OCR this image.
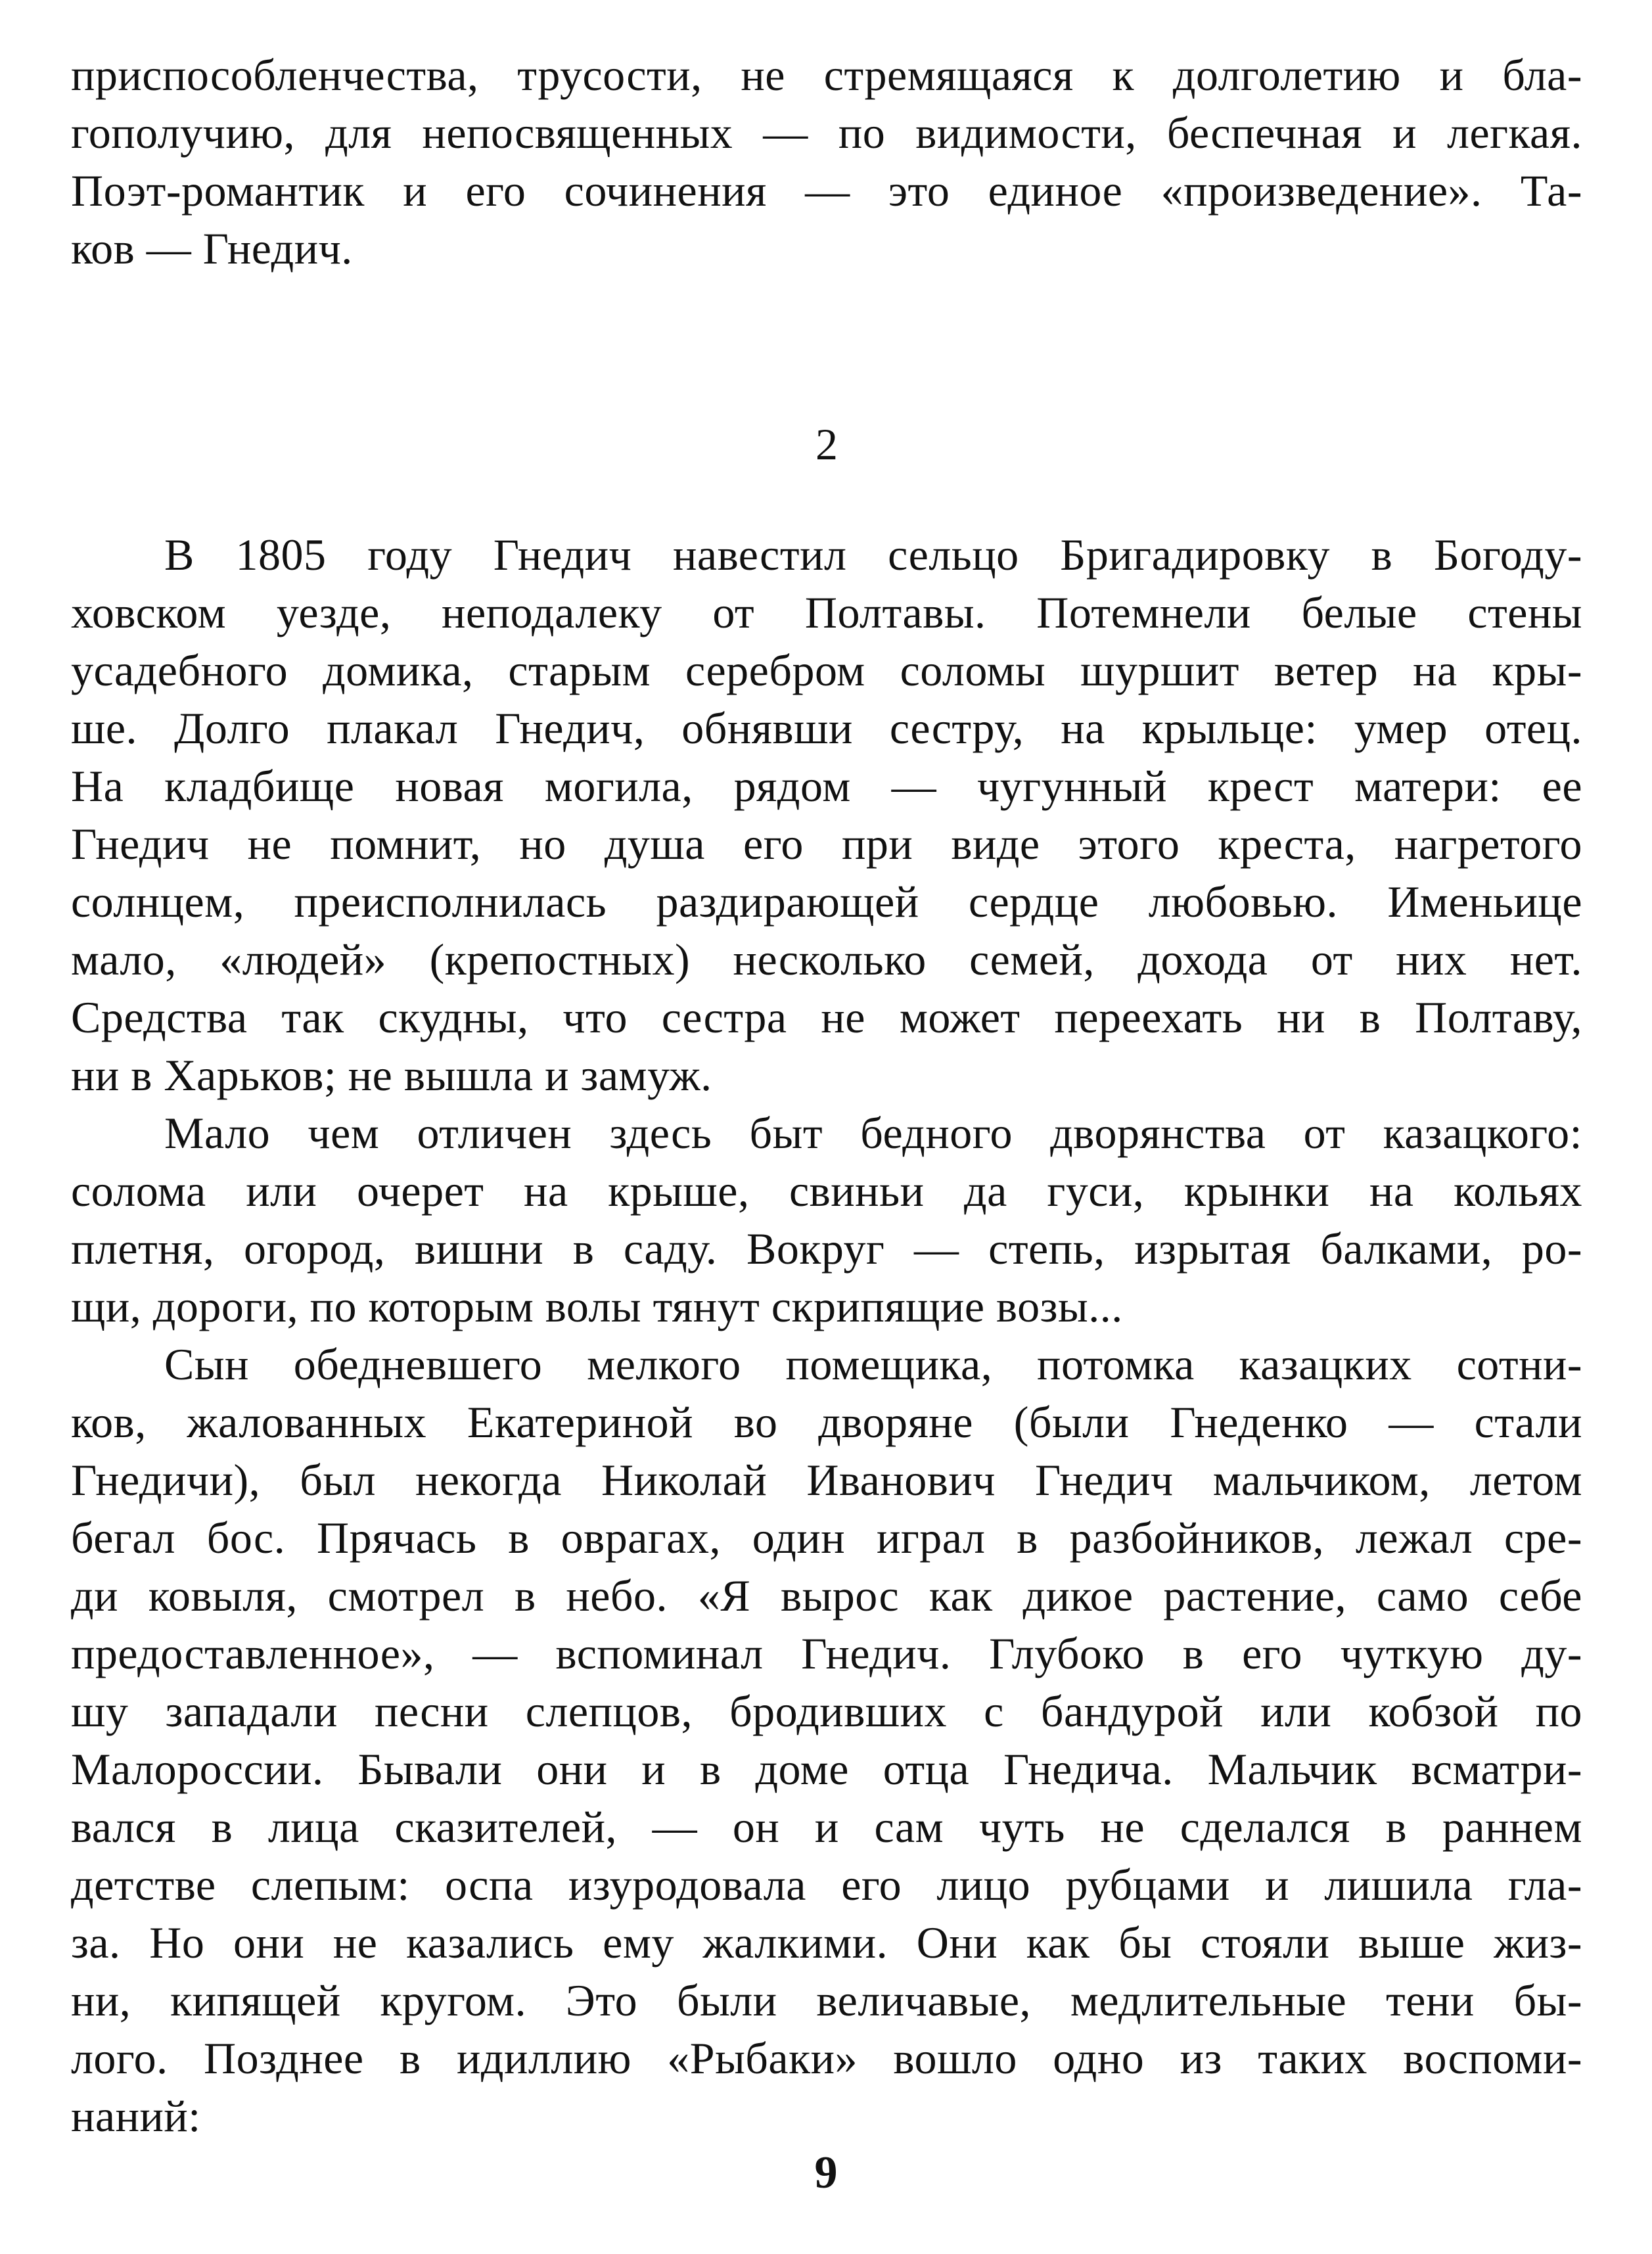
приспособленчества, трусости, не стремящаяся к долголетию и бла-
гополучию, для непосвященных — по видимости, беспечная и легкая.
Поэт-романтик и его сочинения — это единое «произведение». Та-
ков — Гнедич.
2
В 1805 году Гнедич навестил сельцо Бригадировку в Богоду-
ховском уезде, неподалеку от Полтавы. Потемнели белые стены
усадебного домика, старым серебром соломы шуршит ветер на кры-
ше. Долго плакал Гнедич, обнявши сестру, на крыльце: умер отец.
На кладбище новая могила, рядом — чугунный крест матери: ее
Гнедич не помнит, но душа его при виде этого креста, нагретого
солнцем, преисполнилась раздирающей сердце любовью. Именьице
мало, «людей» (крепостных) несколько семей, дохода от них нет.
Средства так скудны, что сестра не может переехать ни в Полтаву,
ни в Харьков; не вышла и замуж.
Мало чем отличен здесь быт бедного дворянства от казацкого:
солома или очерет на крыше, свиньи да гуси, крынки на кольях
плетня, огород, вишни в саду. Вокруг — степь, изрытая балками, ро-
щи, дороги, по которым волы тянут скрипящие возы...
Сын обедневшего мелкого помещика, потомка казацких сотни-
ков, жалованных Екатериной во дворяне (были Гнеденко — стали
Гнедичи), был некогда Николай Иванович Гнедич мальчиком, летом
бегал бос. Прячась в оврагах, один играл в разбойников, лежал сре-
ди ковыля, смотрел в небо. «Я вырос как дикое растение, само себе
предоставленное», — вспоминал Гнедич. Глубоко в его чуткую ду-
шу западали песни слепцов, бродивших с бандурой или кобзой по
Малороссии. Бывали они и в доме отца Гнедича. Мальчик всматри-
вался в лица сказителей, — он и сам чуть не сделался в раннем
детстве слепым: оспа изуродовала его лицо рубцами и лишила гла-
за. Но они не казались ему жалкими. Они как бы стояли выше жиз-
ни, кипящей кругом. Это были величавые, медлительные тени бы-
лого. Позднее в идиллию «Рыбаки» вошло одно из таких воспоми-
наний:
9
